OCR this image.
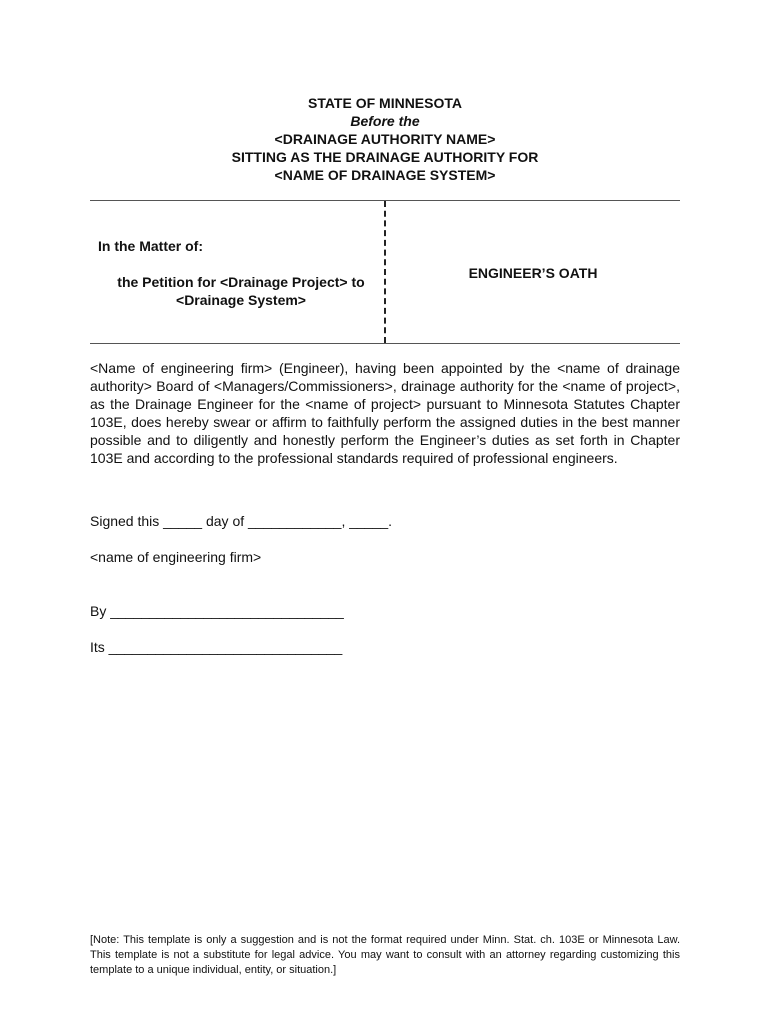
STATE OF MINNESOTA
Before the
<DRAINAGE AUTHORITY NAME>
SITTING AS THE DRAINAGE AUTHORITY FOR
<NAME OF DRAINAGE SYSTEM>
In the Matter of:
the Petition for <Drainage Project> to
<Drainage System>
ENGINEER’S OATH
<Name of engineering firm> (Engineer), having been appointed by the <name of drainage authority> Board of <Managers/Commissioners>, drainage authority for the <name of project>, as the Drainage Engineer for the <name of project> pursuant to Minnesota Statutes Chapter 103E, does hereby swear or affirm to faithfully perform the assigned duties in the best manner possible and to diligently and honestly perform the Engineer’s duties as set forth in Chapter 103E and according to the professional standards required of professional engineers.
Signed this _____ day of ____________, _____.
<name of engineering firm>
By ______________________________
Its ______________________________
[Note: This template is only a suggestion and is not the format required under Minn. Stat. ch. 103E or Minnesota Law. This template is not a substitute for legal advice. You may want to consult with an attorney regarding customizing this template to a unique individual, entity, or situation.]
